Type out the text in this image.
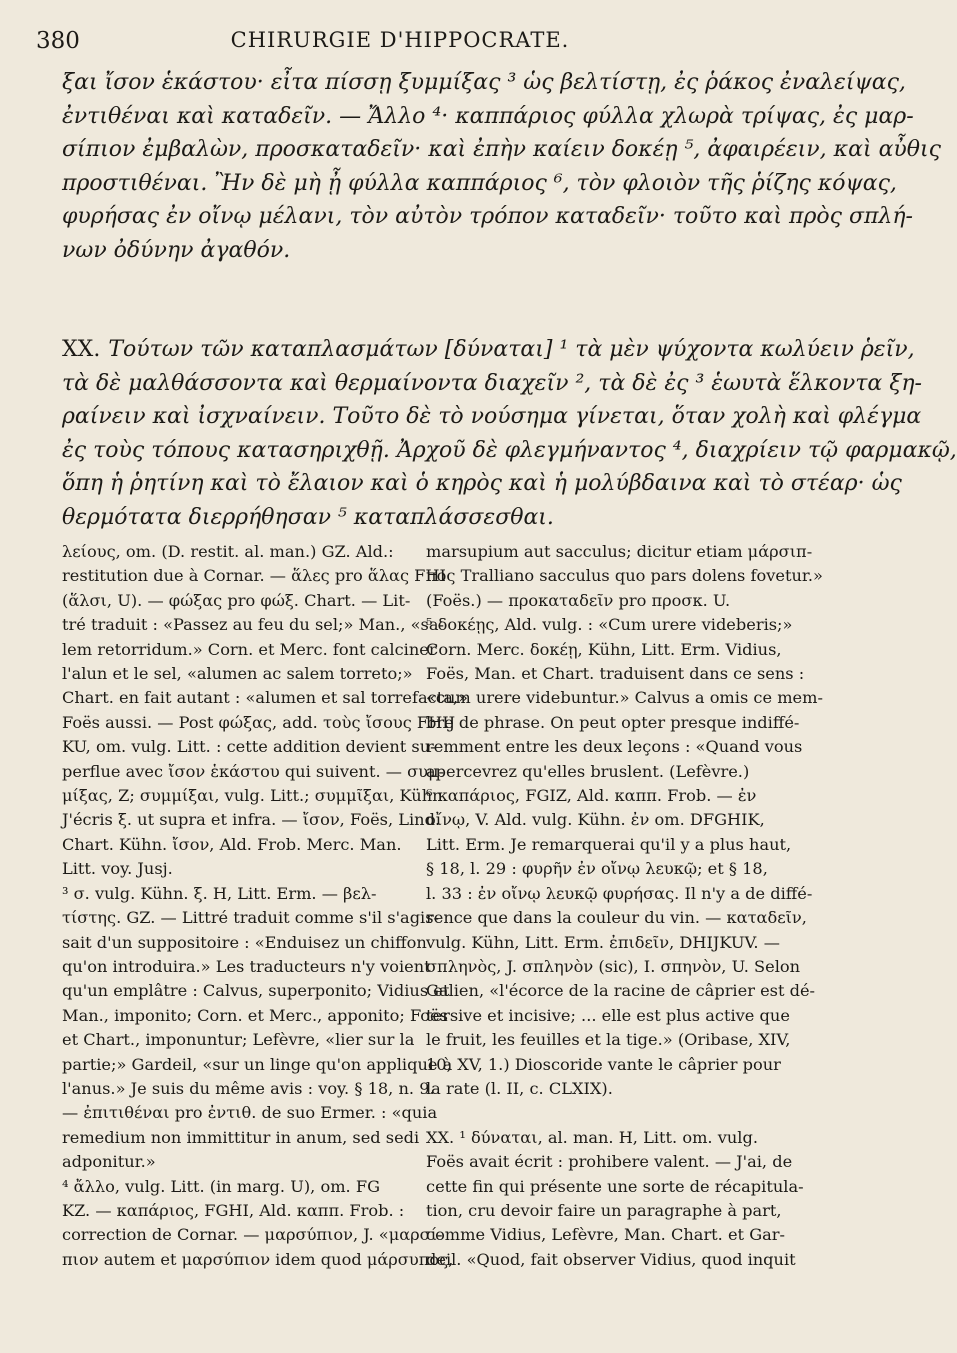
380	CHIRURGIE D'HIPPOCRATE.
ξαι ἴσον ἑκάστου· εἶτα πίσσῃ ξυμμίξας ³ ὡς βελτίστῃ, ἐς ῥάκος ἐναλείψας,
ἐντιθέναι καὶ καταδεῖν. — Ἄλλο ⁴· καππάριος φύλλα χλωρὰ τρίψας, ἐς μαρ-
σίπιον ἐμβαλὼν, προσκαταδεῖν· καὶ ἐπὴν καίειν δοκέῃ ⁵, ἀφαιρέειν, καὶ αὖθις
προστιθέναι. Ἢν δὲ μὴ ᾖ φύλλα καππάριος ⁶, τὸν φλοιὸν τῆς ῥίζης κόψας,
φυρήσας ἐν οἴνῳ μέλανι, τὸν αὐτὸν τρόπον καταδεῖν· τοῦτο καὶ πρὸς σπλή-
νων ὀδύνην ἀγαθόν.
XX. Τούτων τῶν καταπλασμάτων [δύναται] ¹ τὰ μὲν ψύχοντα κωλύειν ῥεῖν,
τὰ δὲ μαλθάσσοντα καὶ θερμαίνοντα διαχεῖν ², τὰ δὲ ἐς ³ ἑωυτὰ ἕλκοντα ξη-
ραίνειν καὶ ἰσχναίνειν. Τοῦτο δὲ τὸ νούσημα γίνεται, ὅταν χολὴ καὶ φλέγμα
ἐς τοὺς τόπους κατασηριχθῇ. Ἀρχοῦ δὲ φλεγμήναντος ⁴, διαχρίειν τῷ φαρμακῷ,
ὅπη ἡ ῥητίνη καὶ τὸ ἔλαιον καὶ ὁ κηρὸς καὶ ἡ μολύβδαινα καὶ τὸ στέαρ· ὡς
θερμότατα διερρήθησαν ⁵ καταπλάσσεσθαι.
λείους, om. (D. restit. al. man.) GZ. Ald.:
restitution due à Cornar. — ἅλες pro ἅλας FHI
(ἅλσι, U). — φώξας pro φώξ. Chart. — Lit-
tré traduit : «Passez au feu du sel;» Man., «sa-
lem retorridum.» Corn. et Merc. font calciner
l'alun et le sel, «alumen ac salem torreto;»
Chart. en fait autant : «alumen et sal torrefacta,»
Foës aussi. — Post φώξας, add. τοὺς ἴσους FHIJ
KU, om. vulg. Litt. : cette addition devient su-
perflue avec ἴσον ἑκάστου qui suivent. — συμ-
μίξας, Z; συμμίξαι, vulg. Litt.; συμμῖξαι, Kühn.
J'écris ξ. ut supra et infra. — ἴσον, Foës, Lind.
Chart. Kühn. ἴσον, Ald. Frob. Merc. Man.
Litt. voy. Jusj.
³ σ. vulg. Kühn. ξ. H, Litt. Erm. — βελ-
τίστης. GZ. — Littré traduit comme s'il s'agis-
sait d'un suppositoire : «Enduisez un chiffon
qu'on introduira.» Les traducteurs n'y voient
qu'un emplâtre : Calvus, superponito; Vidius et
Man., imponito; Corn. et Merc., apponito; Foës
et Chart., imponuntur; Lefèvre, «lier sur la
partie;» Gardeil, «sur un linge qu'on applique à
l'anus.» Je suis du même avis : voy. § 18, n. 9.
— ἐπιτιθέναι pro ἐντιθ. de suo Ermer. : «quia
remedium non immittitur in anum, sed sedi
adponitur.»
⁴ ἄλλο, vulg. Litt. (in marg. U), om. FG
KZ. — καπάριος, FGHI, Ald. καππ. Frob. :
correction de Cornar. — μαρσύπιον, J. «μαρσί-
πιον autem et μαρσύπιον idem quod μάρσυπος,
marsupium aut sacculus; dicitur etiam μάρσιπ-
πος Tralliano sacculus quo pars dolens fovetur.»
(Foës.) — προκαταδεῖν pro προσκ. U.
⁵ δοκέῃς, Ald. vulg. : «Cum urere videberis;»
Corn. Merc. δοκέῃ, Kühn, Litt. Erm. Vidius,
Foës, Man. et Chart. traduisent dans ce sens :
«cum urere videbuntur.» Calvus a omis ce mem-
bre de phrase. On peut opter presque indiffé-
remment entre les deux leçons : «Quand vous
apercevrez qu'elles bruslent. (Lefèvre.)
⁶ καπάριος, FGIZ, Ald. καππ. Frob. — ἐν
οἴνῳ, V. Ald. vulg. Kühn. ἐν om. DFGHIK,
Litt. Erm. Je remarquerai qu'il y a plus haut,
§ 18, l. 29 : φυρῆν ἐν οἴνῳ λευκῷ; et § 18,
l. 33 : ἐν οἴνῳ λευκῷ φυρήσας. Il n'y a de diffé-
rence que dans la couleur du vin. — καταδεῖν,
vulg. Kühn, Litt. Erm. ἐπιδεῖν, DHIJKUV. —
σπληνὸς, J. σπληνὸν (sic), I. σπηνὸν, U. Selon
Galien, «l'écorce de la racine de câprier est dé-
tersive et incisive; ... elle est plus active que
le fruit, les feuilles et la tige.» (Oribase, XIV,
10; XV, 1.) Dioscoride vante le câprier pour
la rate (l. II, c. CLXIX).

XX. ¹ δύναται, al. man. H, Litt. om. vulg.
Foës avait écrit : prohibere valent. — J'ai, de
cette fin qui présente une sorte de récapitula-
tion, cru devoir faire un paragraphe à part,
comme Vidius, Lefèvre, Man. Chart. et Gar-
deil. «Quod, fait observer Vidius, quod inquit
